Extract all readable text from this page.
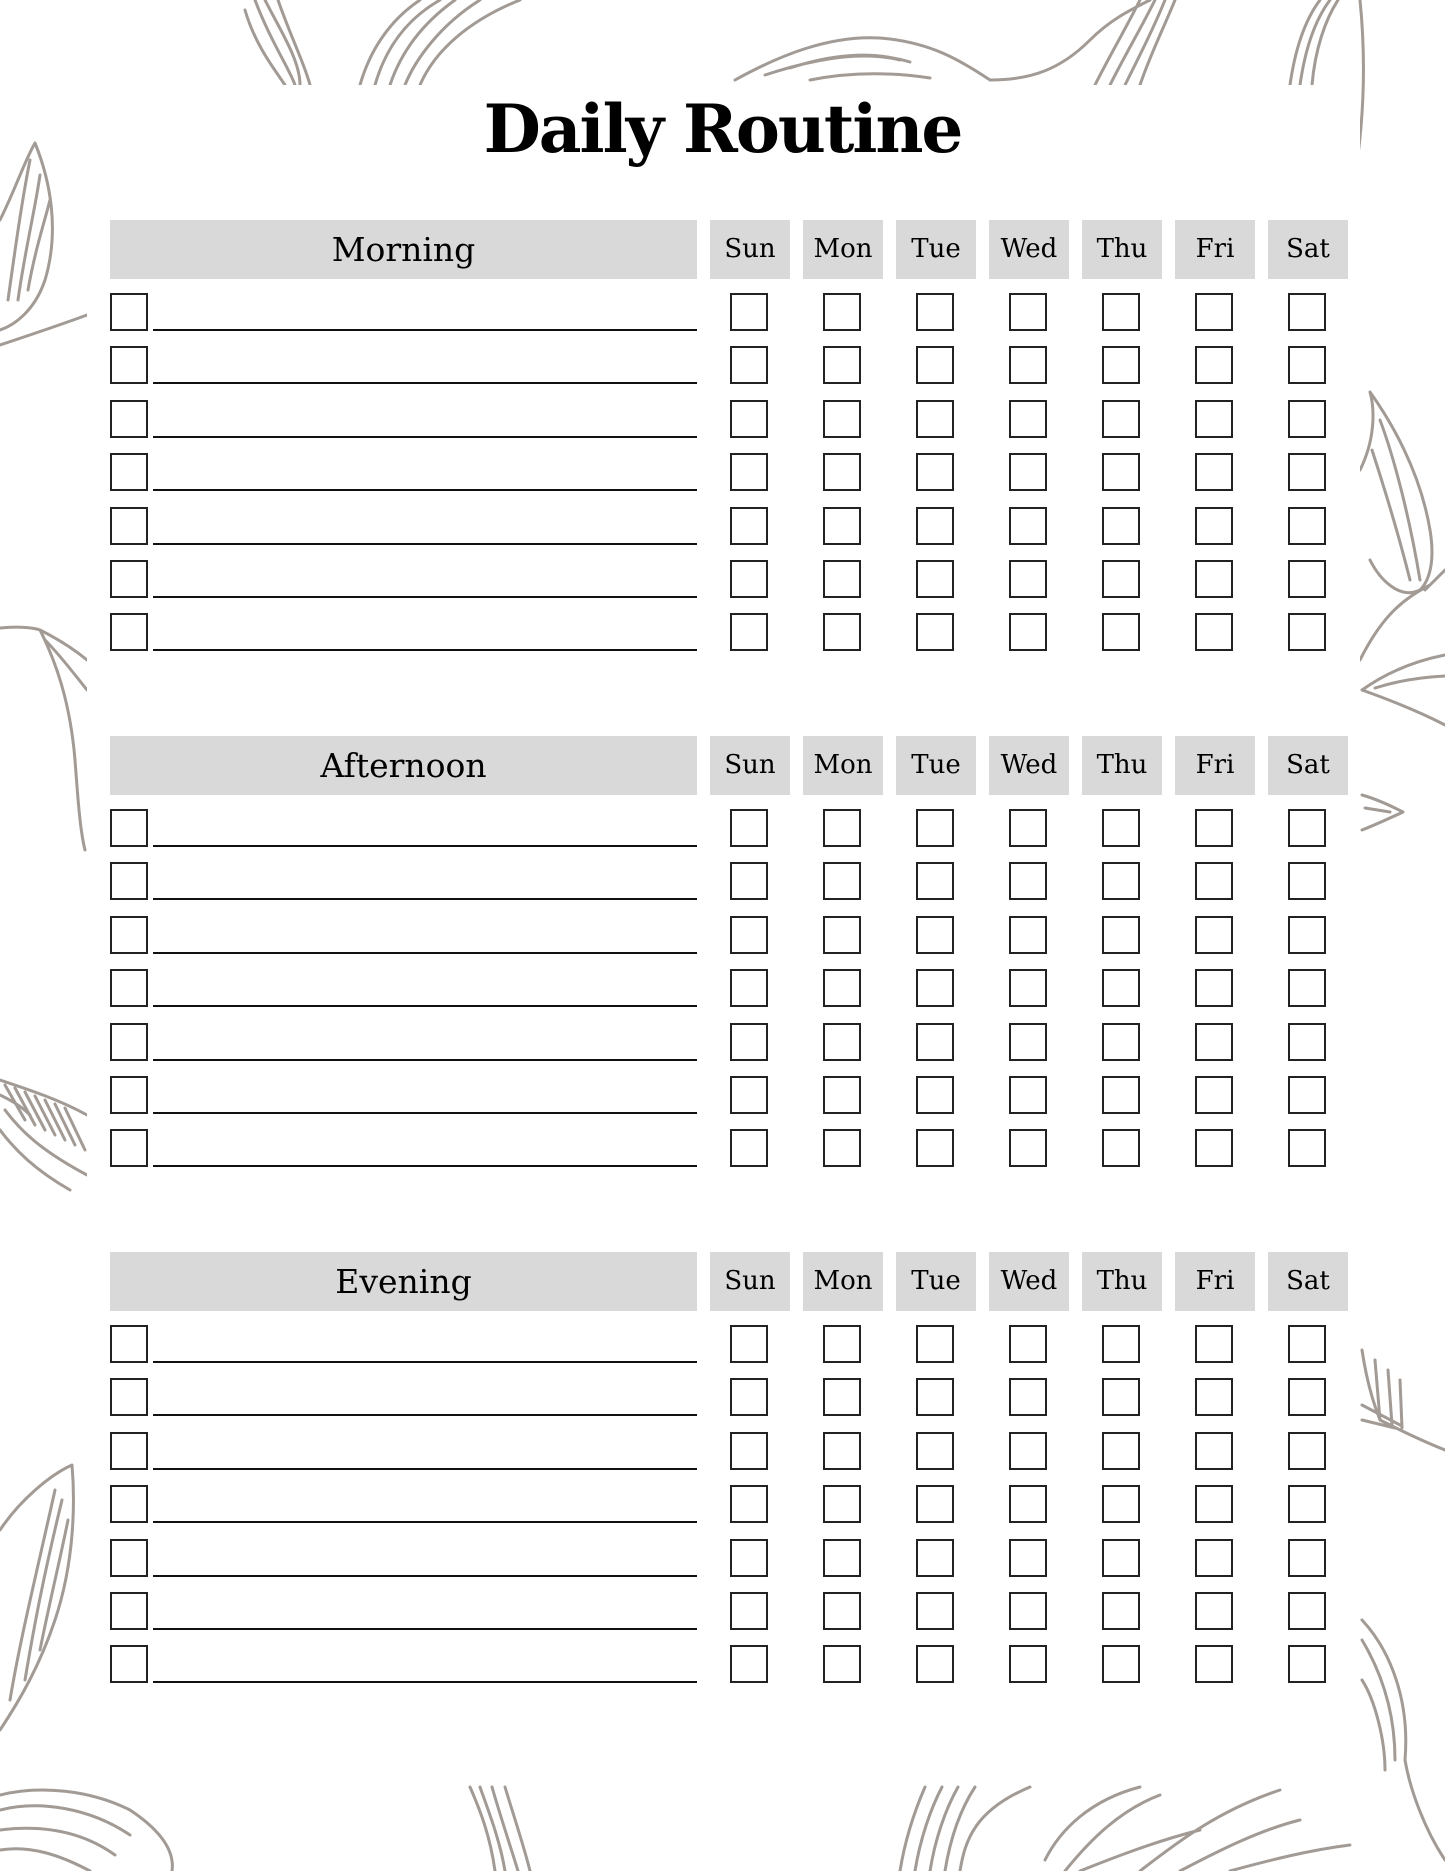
Daily Routine
Morning	Sun	Mon	Tue	Wed	Thu	Fri	Sat
Afternoon	Sun	Mon	Tue	Wed	Thu	Fri	Sat
Evening	Sun	Mon	Tue	Wed	Thu	Fri	Sat
